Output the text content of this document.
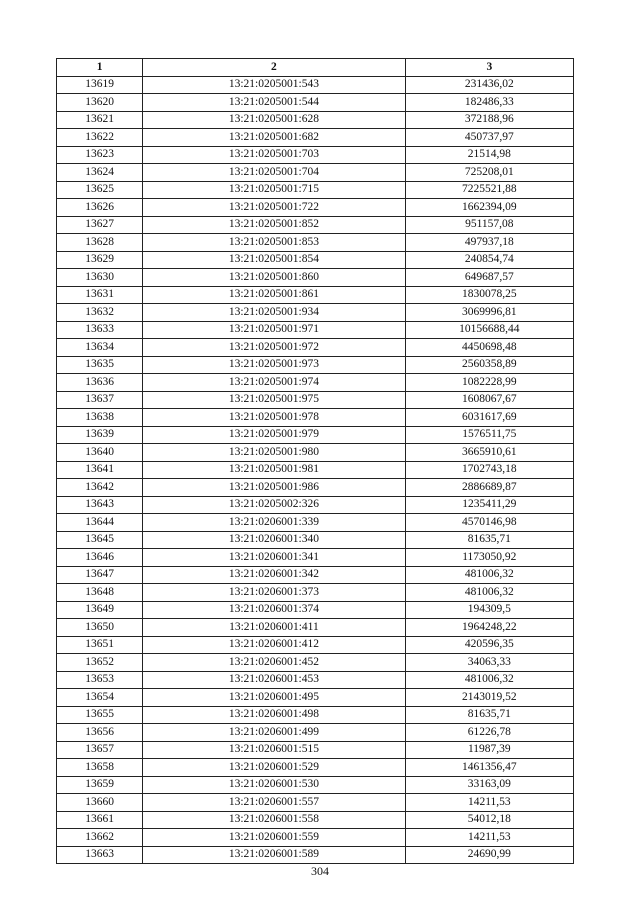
1	2	3
13619	13:21:0205001:543	231436,02
13620	13:21:0205001:544	182486,33
13621	13:21:0205001:628	372188,96
13622	13:21:0205001:682	450737,97
13623	13:21:0205001:703	21514,98
13624	13:21:0205001:704	725208,01
13625	13:21:0205001:715	7225521,88
13626	13:21:0205001:722	1662394,09
13627	13:21:0205001:852	951157,08
13628	13:21:0205001:853	497937,18
13629	13:21:0205001:854	240854,74
13630	13:21:0205001:860	649687,57
13631	13:21:0205001:861	1830078,25
13632	13:21:0205001:934	3069996,81
13633	13:21:0205001:971	10156688,44
13634	13:21:0205001:972	4450698,48
13635	13:21:0205001:973	2560358,89
13636	13:21:0205001:974	1082228,99
13637	13:21:0205001:975	1608067,67
13638	13:21:0205001:978	6031617,69
13639	13:21:0205001:979	1576511,75
13640	13:21:0205001:980	3665910,61
13641	13:21:0205001:981	1702743,18
13642	13:21:0205001:986	2886689,87
13643	13:21:0205002:326	1235411,29
13644	13:21:0206001:339	4570146,98
13645	13:21:0206001:340	81635,71
13646	13:21:0206001:341	1173050,92
13647	13:21:0206001:342	481006,32
13648	13:21:0206001:373	481006,32
13649	13:21:0206001:374	194309,5
13650	13:21:0206001:411	1964248,22
13651	13:21:0206001:412	420596,35
13652	13:21:0206001:452	34063,33
13653	13:21:0206001:453	481006,32
13654	13:21:0206001:495	2143019,52
13655	13:21:0206001:498	81635,71
13656	13:21:0206001:499	61226,78
13657	13:21:0206001:515	11987,39
13658	13:21:0206001:529	1461356,47
13659	13:21:0206001:530	33163,09
13660	13:21:0206001:557	14211,53
13661	13:21:0206001:558	54012,18
13662	13:21:0206001:559	14211,53
13663	13:21:0206001:589	24690,99
304
